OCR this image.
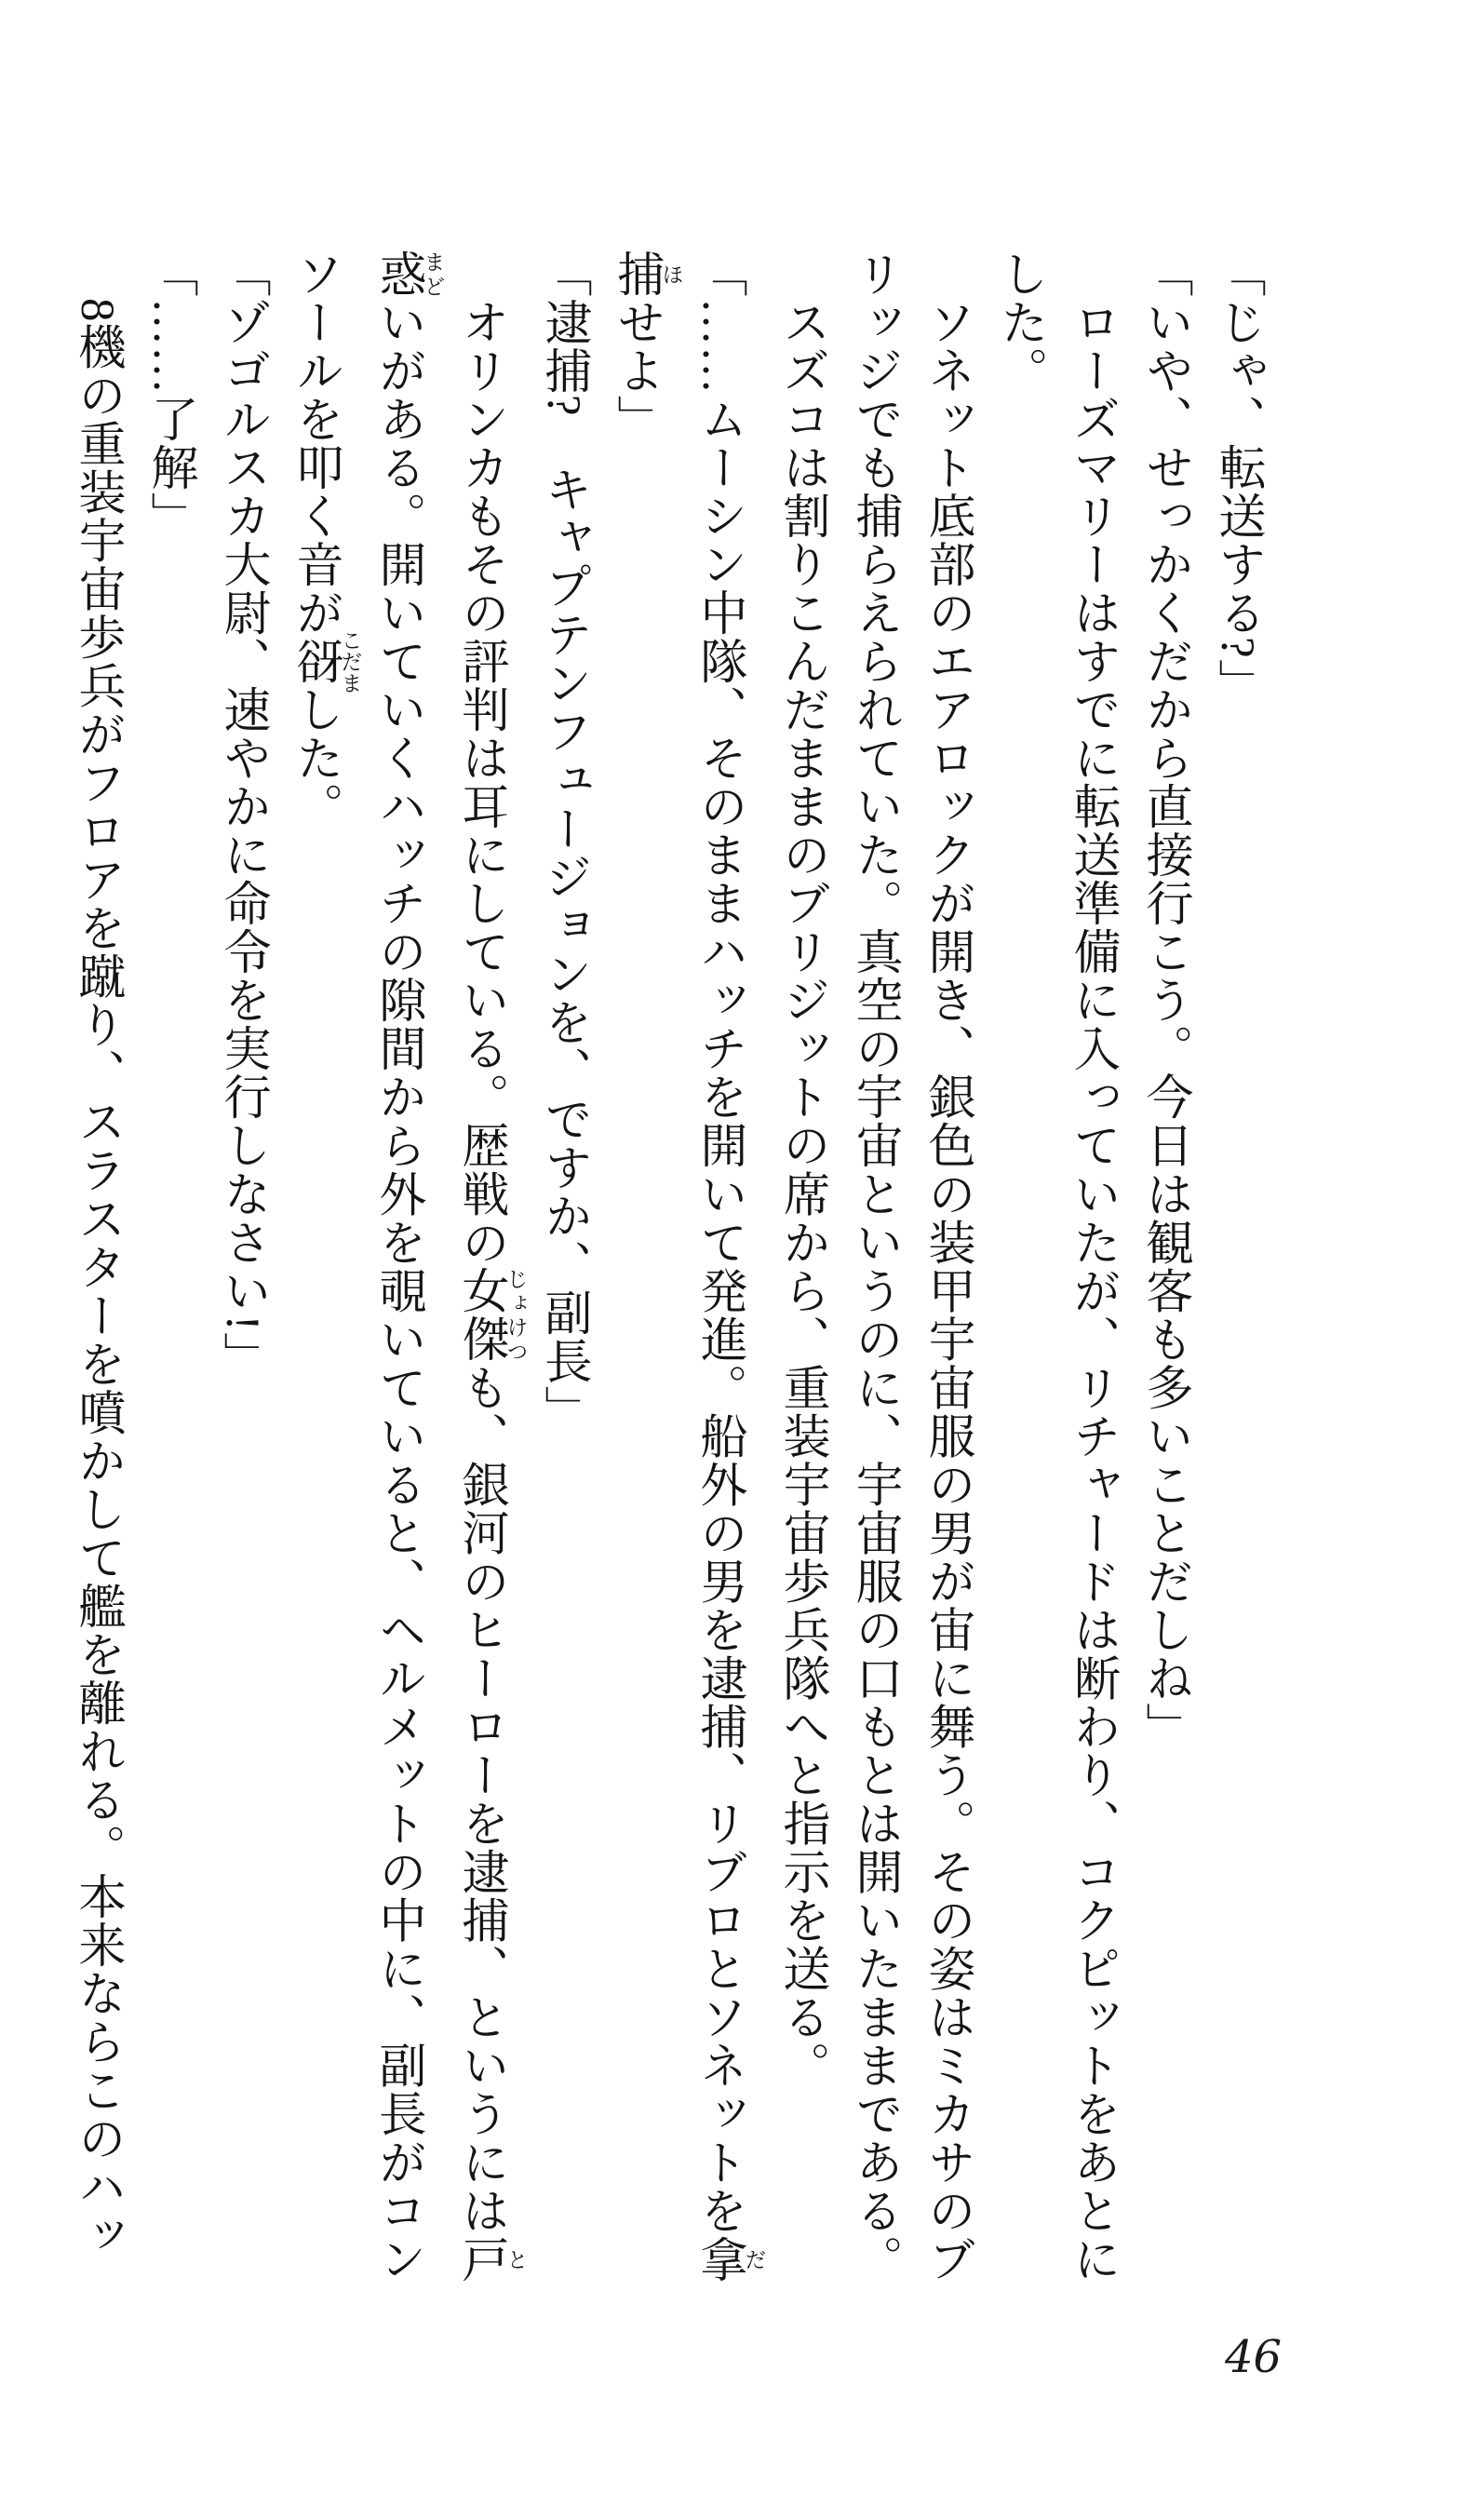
「じゃ、転送する?」

「いや、せっかくだから直接行こう。今日は観客も多いことだしね」

　ローズマリーはすでに転送準備に入っていたが、リチャードは断わり、コクピットをあとに

した。

　ソネット底部のエアロックが開き、銀色の装甲宇宙服の男が宙に舞う。その姿はミカサのブ

リッジでも捕らえられていた。真空の宇宙というのに、宇宙服の口もとは開いたままである。

　スズコは割りこんだままのブリジットの席から、重装宇宙歩兵隊へと指示を送る。

「……ムーシン中隊、そのままハッチを開いて発進。船外の男を逮捕、リブロとソネットを拿だ

捕ほせよ」

「逮捕?　キャプテンフュージョンを、ですか、副長」

　オリンカもその評判は耳にしている。歴戦の女傑じょけつも、銀河のヒーローを逮捕、というには戸と

惑まどいがある。開いていくハッチの隙間から外を覗いていると、ヘルメットの中に、副長がコン

ソールを叩く音が谺こだました。

「ゾゴルスカ大尉、速やかに命令を実行しなさい!」

「……了解」

　8機の重装宇宙歩兵がフロアを蹴り、スラスターを噴かして艦を離れる。本来ならこのハッ

46
